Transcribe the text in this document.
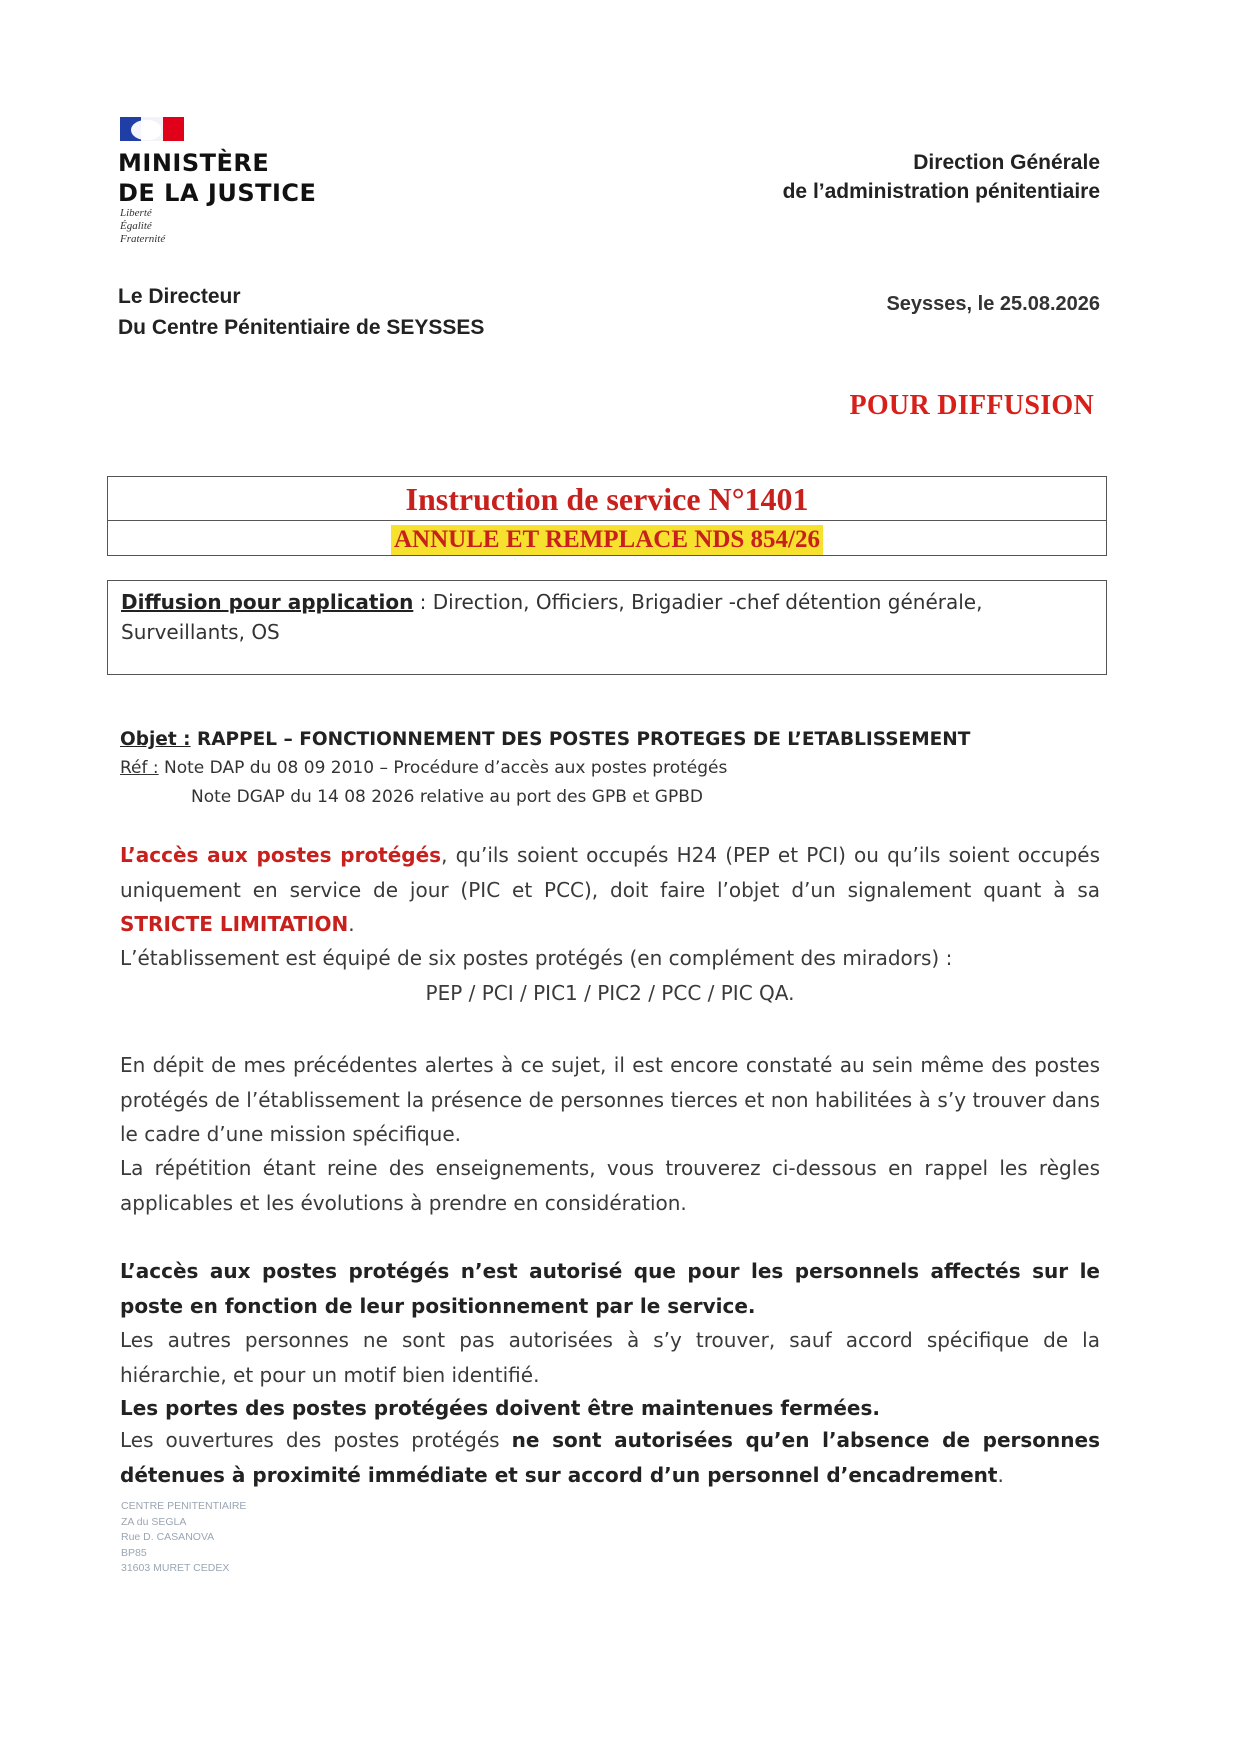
MINISTÈRE
DE LA JUSTICE
Liberté
Égalité
Fraternité
Direction Générale
de l’administration pénitentiaire
Le Directeur
Du Centre Pénitentiaire de SEYSSES
Seysses, le 25.08.2026
POUR DIFFUSION
Instruction de service N°1401
ANNULE ET REMPLACE NDS 854/26
Diffusion pour application : Direction, Officiers, Brigadier -chef détention générale, Surveillants, OS
Objet : RAPPEL – FONCTIONNEMENT DES POSTES PROTEGES DE L’ETABLISSEMENT
Réf : Note DAP du 08 09 2010 – Procédure d’accès aux postes protégés
Note DGAP du 14 08 2026 relative au port des GPB et GPBD
L’accès aux postes protégés, qu’ils soient occupés H24 (PEP et PCI) ou qu’ils soient occupés uniquement en service de jour (PIC et PCC), doit faire l’objet d’un signalement quant à sa STRICTE LIMITATION.
L’établissement est équipé de six postes protégés (en complément des miradors) :
PEP / PCI / PIC1 / PIC2 / PCC / PIC QA.
En dépit de mes précédentes alertes à ce sujet, il est encore constaté au sein même des postes protégés de l’établissement la présence de personnes tierces et non habilitées à s’y trouver dans le cadre d’une mission spécifique.
La répétition étant reine des enseignements, vous trouverez ci-dessous en rappel les règles applicables et les évolutions à prendre en considération.
L’accès aux postes protégés n’est autorisé que pour les personnels affectés sur le poste en fonction de leur positionnement par le service.
Les autres personnes ne sont pas autorisées à s’y trouver, sauf accord spécifique de la hiérarchie, et pour un motif bien identifié.
Les portes des postes protégées doivent être maintenues fermées.
Les ouvertures des postes protégés ne sont autorisées qu’en l’absence de personnes détenues à proximité immédiate et sur accord d’un personnel d’encadrement.
CENTRE PENITENTIAIRE
ZA du SEGLA
Rue D. CASANOVA
BP85
31603 MURET CEDEX
